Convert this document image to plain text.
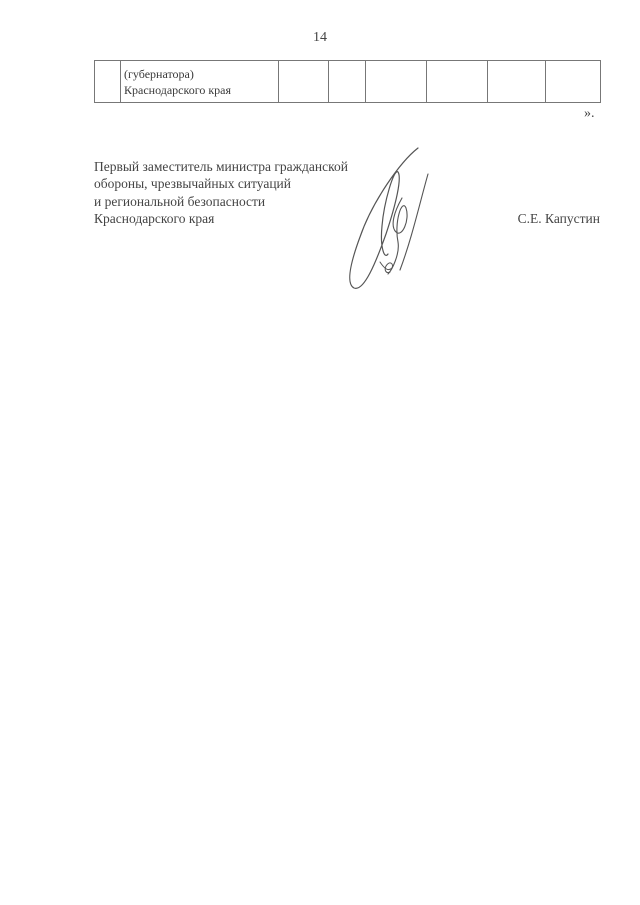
14

(губернатора)
Краснодарского края

».
Первый заместитель министра гражданской
обороны, чрезвычайных ситуаций
и региональной безопасности
Краснодарского края	С.Е. Капустин
